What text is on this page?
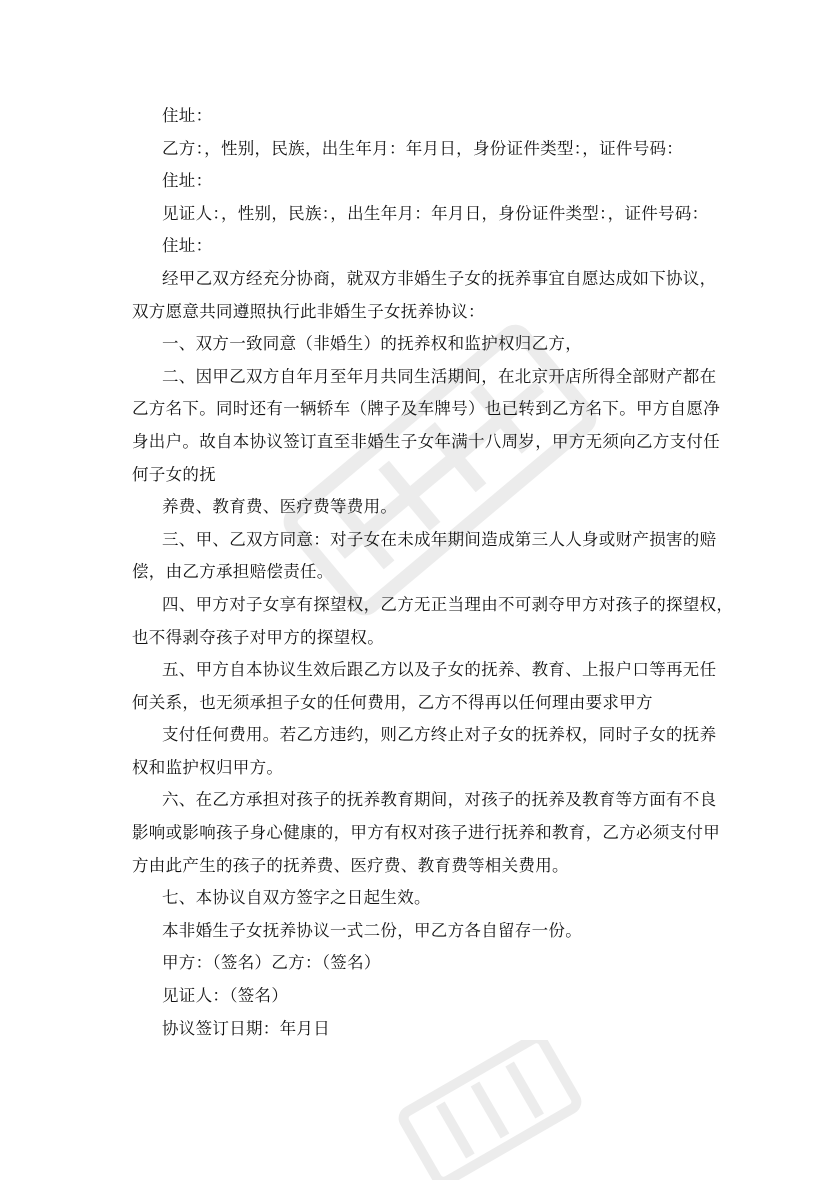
住址：
乙方：，性别，民族，出生年月：年月日，身份证件类型：，证件号码：
住址：
见证人：，性别，民族：，出生年月：年月日，身份证件类型：，证件号码：
住址：
经甲乙双方经充分协商，就双方非婚生子女的抚养事宜自愿达成如下协议，
双方愿意共同遵照执行此非婚生子女抚养协议：
一、双方一致同意（非婚生）的抚养权和监护权归乙方，
二、因甲乙双方自年月至年月共同生活期间，在北京开店所得全部财产都在
乙方名下。同时还有一辆轿车（牌子及车牌号）也已转到乙方名下。甲方自愿净
身出户。故自本协议签订直至非婚生子女年满十八周岁，甲方无须向乙方支付任
何子女的抚
养费、教育费、医疗费等费用。
三、甲、乙双方同意：对子女在未成年期间造成第三人人身或财产损害的赔
偿，由乙方承担赔偿责任。
四、甲方对子女享有探望权，乙方无正当理由不可剥夺甲方对孩子的探望权，
也不得剥夺孩子对甲方的探望权。
五、甲方自本协议生效后跟乙方以及子女的抚养、教育、上报户口等再无任
何关系，也无须承担子女的任何费用，乙方不得再以任何理由要求甲方
支付任何费用。若乙方违约，则乙方终止对子女的抚养权，同时子女的抚养
权和监护权归甲方。
六、在乙方承担对孩子的抚养教育期间，对孩子的抚养及教育等方面有不良
影响或影响孩子身心健康的，甲方有权对孩子进行抚养和教育，乙方必须支付甲
方由此产生的孩子的抚养费、医疗费、教育费等相关费用。
七、本协议自双方签字之日起生效。
本非婚生子女抚养协议一式二份，甲乙方各自留存一份。
甲方：（签名）乙方：（签名）
见证人：（签名）
协议签订日期：年月日
